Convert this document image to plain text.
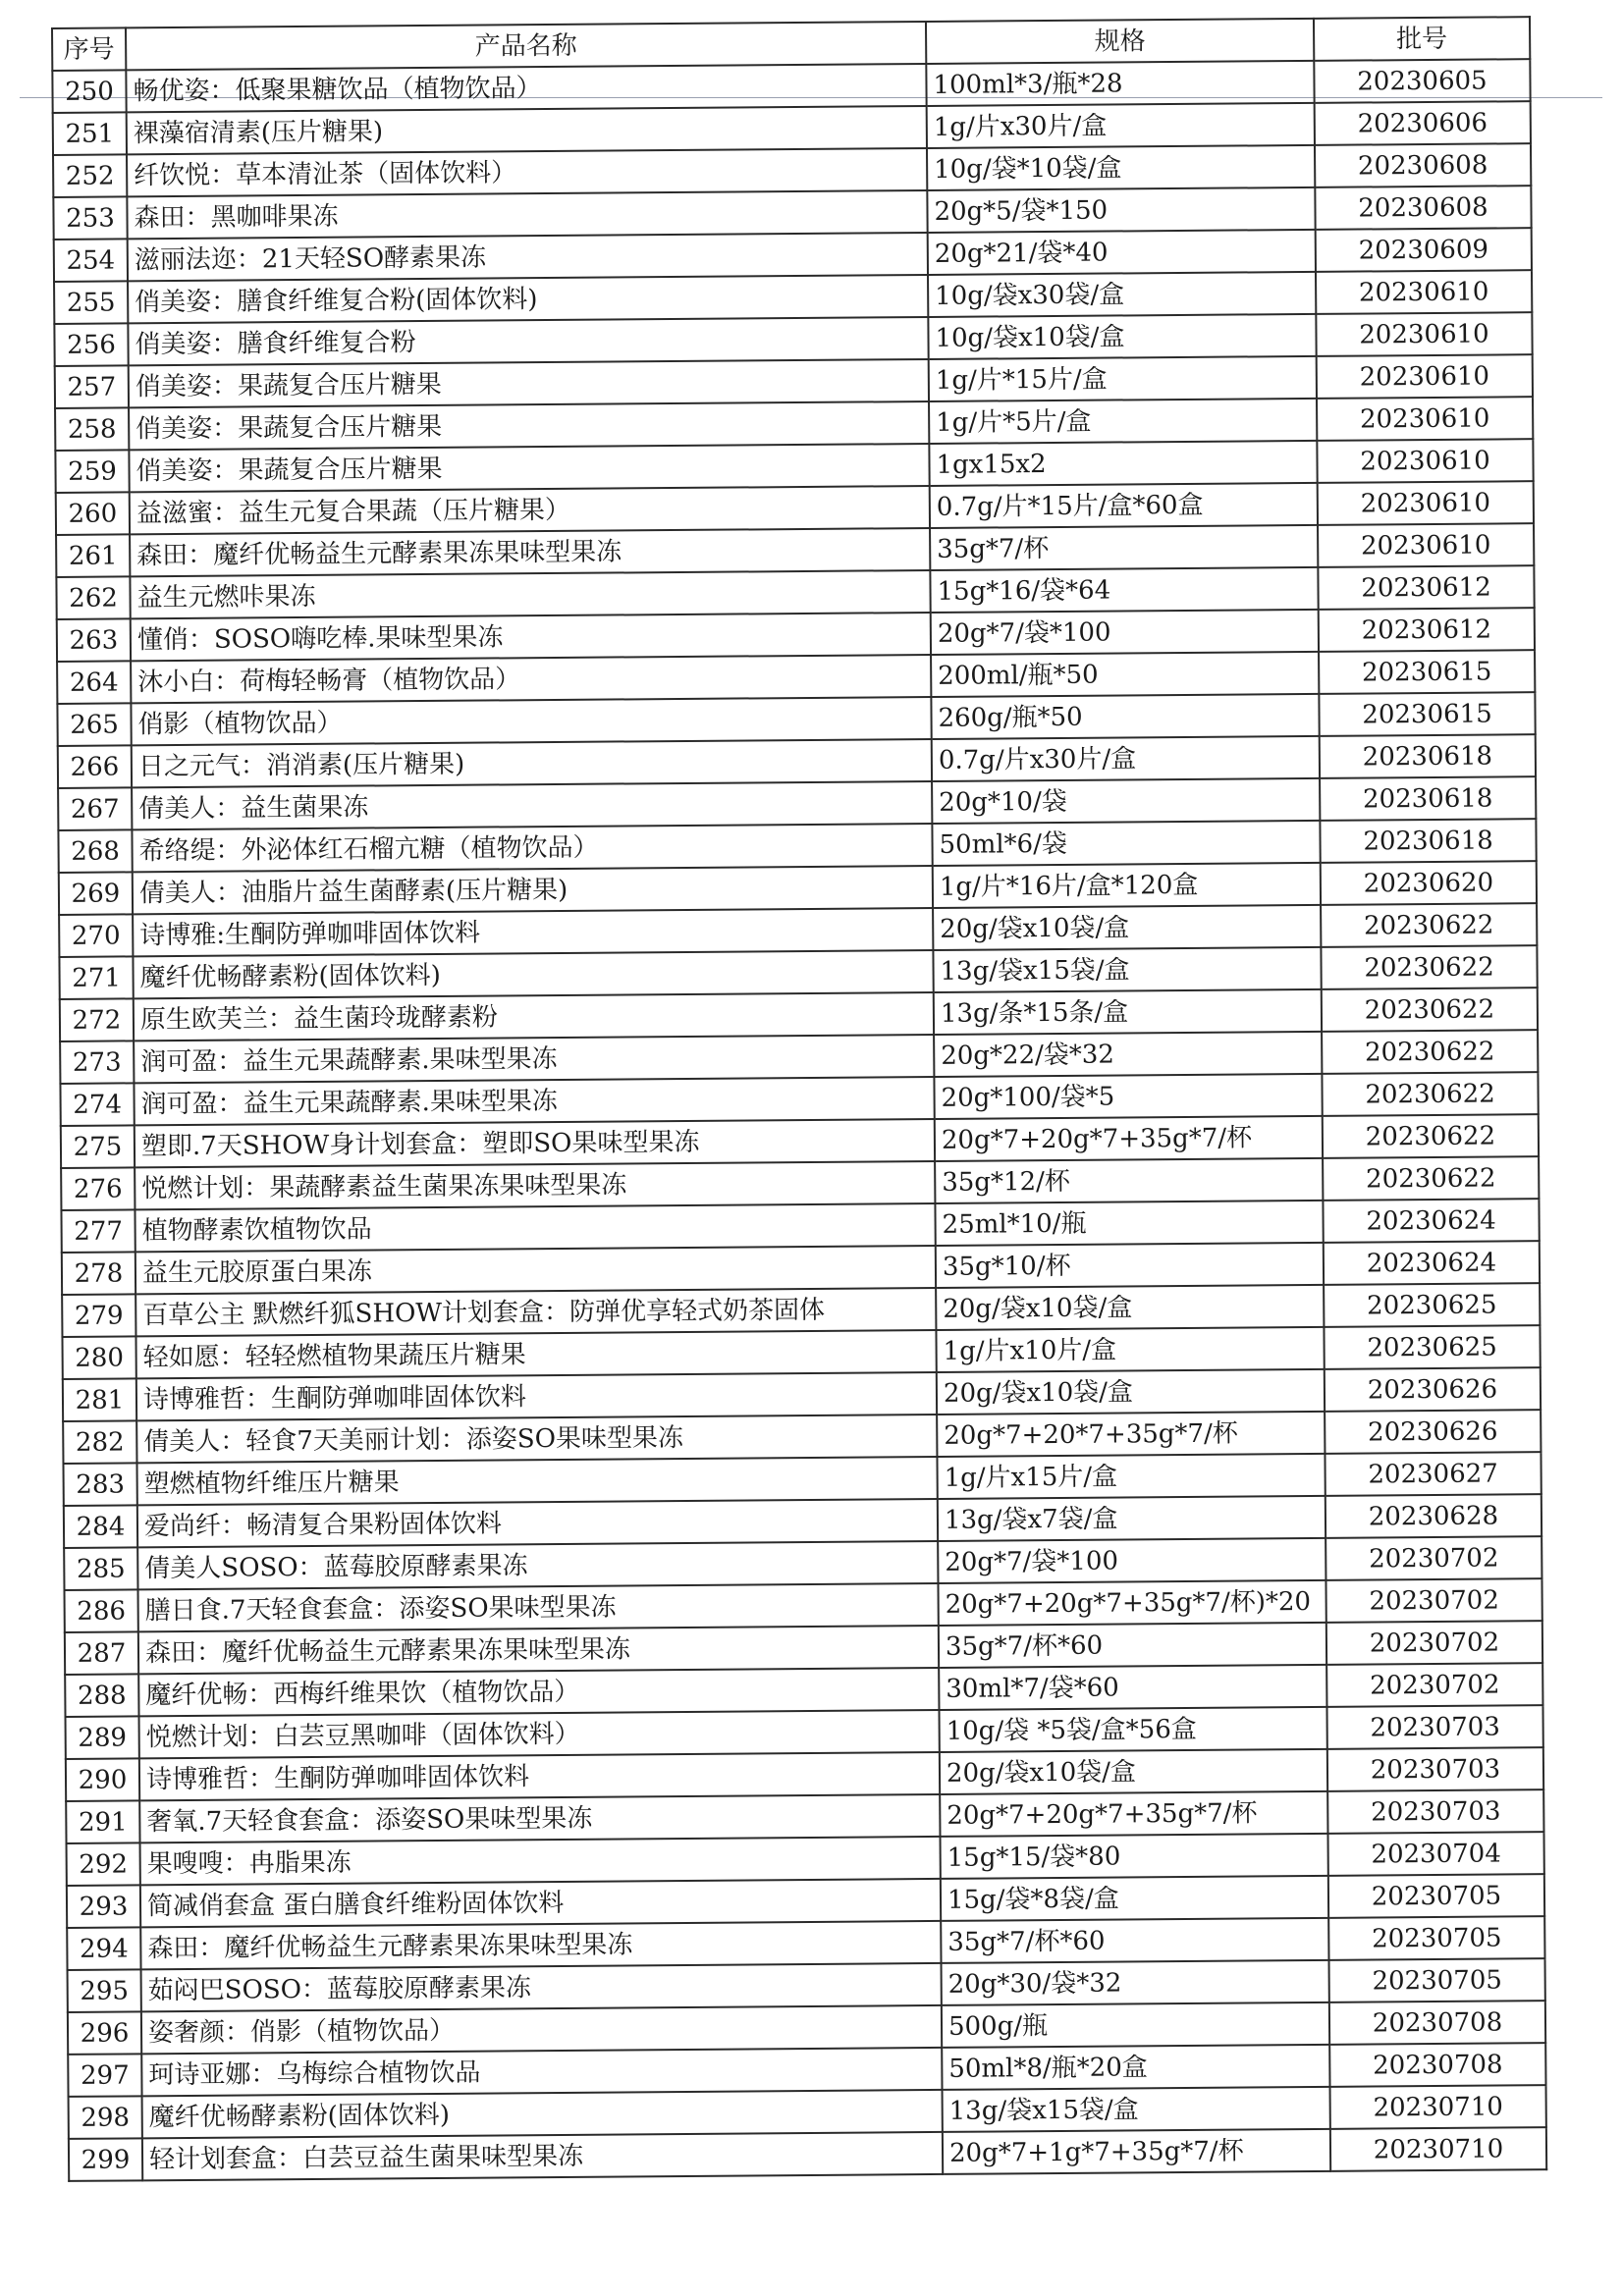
序号	产品名称	规格	批号
250	畅优姿：低聚果糖饮品（植物饮品）	100ml*3/瓶*28	20230605
251	裸藻宿清素(压片糖果)	1g/片x30片/盒	20230606
252	纤饮悦：草本清沚茶（固体饮料）	10g/袋*10袋/盒	20230608
253	森田：黑咖啡果冻	20g*5/袋*150	20230608
254	滋丽法迩：21天轻SO酵素果冻	20g*21/袋*40	20230609
255	俏美姿：膳食纤维复合粉(固体饮料)	10g/袋x30袋/盒	20230610
256	俏美姿：膳食纤维复合粉	10g/袋x10袋/盒	20230610
257	俏美姿：果蔬复合压片糖果	1g/片*15片/盒	20230610
258	俏美姿：果蔬复合压片糖果	1g/片*5片/盒	20230610
259	俏美姿：果蔬复合压片糖果	1gx15x2	20230610
260	益滋蜜：益生元复合果蔬（压片糖果）	0.7g/片*15片/盒*60盒	20230610
261	森田：魔纤优畅益生元酵素果冻果味型果冻	35g*7/杯	20230610
262	益生元燃咔果冻	15g*16/袋*64	20230612
263	懂俏：SOSO嗨吃棒.果味型果冻	20g*7/袋*100	20230612
264	沐小白：荷梅轻畅膏（植物饮品）	200ml/瓶*50	20230615
265	俏影（植物饮品）	260g/瓶*50	20230615
266	日之元气：消消素(压片糖果)	0.7g/片x30片/盒	20230618
267	倩美人：益生菌果冻	20g*10/袋	20230618
268	希络缇：外泌体红石榴亢糖（植物饮品）	50ml*6/袋	20230618
269	倩美人：油脂片益生菌酵素(压片糖果)	1g/片*16片/盒*120盒	20230620
270	诗博雅:生酮防弹咖啡固体饮料	20g/袋x10袋/盒	20230622
271	魔纤优畅酵素粉(固体饮料)	13g/袋x15袋/盒	20230622
272	原生欧芙兰：益生菌玲珑酵素粉	13g/条*15条/盒	20230622
273	润可盈：益生元果蔬酵素.果味型果冻	20g*22/袋*32	20230622
274	润可盈：益生元果蔬酵素.果味型果冻	20g*100/袋*5	20230622
275	塑即.7天SHOW身计划套盒：塑即SO果味型果冻	20g*7+20g*7+35g*7/杯	20230622
276	悦燃计划：果蔬酵素益生菌果冻果味型果冻	35g*12/杯	20230622
277	植物酵素饮植物饮品	25ml*10/瓶	20230624
278	益生元胶原蛋白果冻	35g*10/杯	20230624
279	百草公主 默燃纤狐SHOW计划套盒：防弹优享轻式奶茶固体	20g/袋x10袋/盒	20230625
280	轻如愿：轻轻燃植物果蔬压片糖果	1g/片x10片/盒	20230625
281	诗博雅哲：生酮防弹咖啡固体饮料	20g/袋x10袋/盒	20230626
282	倩美人：轻食7天美丽计划：添姿SO果味型果冻	20g*7+20*7+35g*7/杯	20230626
283	塑燃植物纤维压片糖果	1g/片x15片/盒	20230627
284	爱尚纤：畅清复合果粉固体饮料	13g/袋x7袋/盒	20230628
285	倩美人SOSO：蓝莓胶原酵素果冻	20g*7/袋*100	20230702
286	膳日食.7天轻食套盒：添姿SO果味型果冻	20g*7+20g*7+35g*7/杯)*20	20230702
287	森田：魔纤优畅益生元酵素果冻果味型果冻	35g*7/杯*60	20230702
288	魔纤优畅：西梅纤维果饮（植物饮品）	30ml*7/袋*60	20230702
289	悦燃计划：白芸豆黑咖啡（固体饮料）	10g/袋 *5袋/盒*56盒	20230703
290	诗博雅哲：生酮防弹咖啡固体饮料	20g/袋x10袋/盒	20230703
291	奢氧.7天轻食套盒：添姿SO果味型果冻	20g*7+20g*7+35g*7/杯	20230703
292	果嗖嗖：冉脂果冻	15g*15/袋*80	20230704
293	简减俏套盒 蛋白膳食纤维粉固体饮料	15g/袋*8袋/盒	20230705
294	森田：魔纤优畅益生元酵素果冻果味型果冻	35g*7/杯*60	20230705
295	茹闷巴SOSO：蓝莓胶原酵素果冻	20g*30/袋*32	20230705
296	姿奢颜：俏影（植物饮品）	500g/瓶	20230708
297	珂诗亚娜：乌梅综合植物饮品	50ml*8/瓶*20盒	20230708
298	魔纤优畅酵素粉(固体饮料)	13g/袋x15袋/盒	20230710
299	轻计划套盒：白芸豆益生菌果味型果冻	20g*7+1g*7+35g*7/杯	20230710
